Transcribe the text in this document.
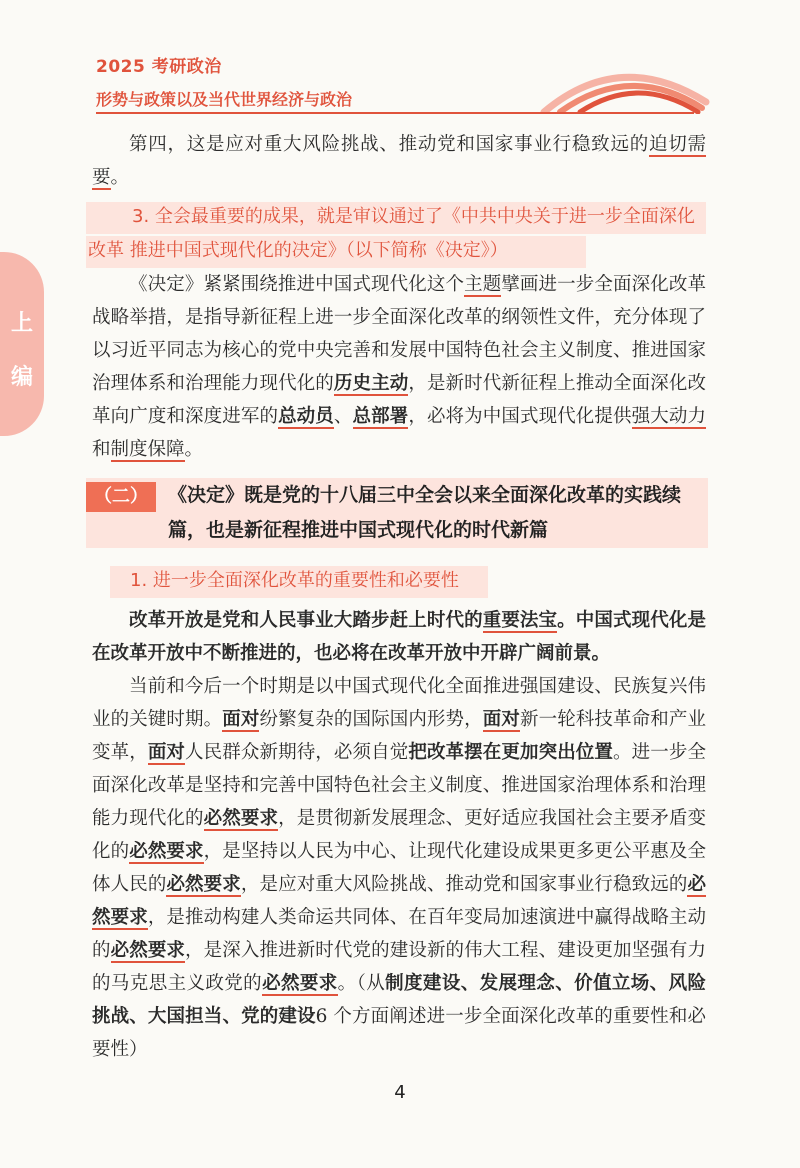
2025 考研政治
形势与政策以及当代世界经济与政治
上
编
第四，这是应对重大风险挑战、推动党和国家事业行稳致远的迫切需要。
3. 全会最重要的成果，就是审议通过了《中共中央关于进一步全面深化改革 推进中国式现代化的决定》（以下简称《决定》）
《决定》紧紧围绕推进中国式现代化这个主题擘画进一步全面深化改革战略举措，是指导新征程上进一步全面深化改革的纲领性文件，充分体现了以习近平同志为核心的党中央完善和发展中国特色社会主义制度、推进国家治理体系和治理能力现代化的历史主动，是新时代新征程上推动全面深化改革向广度和深度进军的总动员、总部署，必将为中国式现代化提供强大动力和制度保障。
（二）	《决定》既是党的十八届三中全会以来全面深化改革的实践续篇，也是新征程推进中国式现代化的时代新篇
1. 进一步全面深化改革的重要性和必要性
改革开放是党和人民事业大踏步赶上时代的重要法宝。中国式现代化是在改革开放中不断推进的，也必将在改革开放中开辟广阔前景。
当前和今后一个时期是以中国式现代化全面推进强国建设、民族复兴伟业的关键时期。面对纷繁复杂的国际国内形势，面对新一轮科技革命和产业变革，面对人民群众新期待，必须自觉把改革摆在更加突出位置。进一步全面深化改革是坚持和完善中国特色社会主义制度、推进国家治理体系和治理能力现代化的必然要求，是贯彻新发展理念、更好适应我国社会主要矛盾变化的必然要求，是坚持以人民为中心、让现代化建设成果更多更公平惠及全体人民的必然要求，是应对重大风险挑战、推动党和国家事业行稳致远的必然要求，是推动构建人类命运共同体、在百年变局加速演进中赢得战略主动的必然要求，是深入推进新时代党的建设新的伟大工程、建设更加坚强有力的马克思主义政党的必然要求。（从制度建设、发展理念、价值立场、风险挑战、大国担当、党的建设6 个方面阐述进一步全面深化改革的重要性和必要性）
4
